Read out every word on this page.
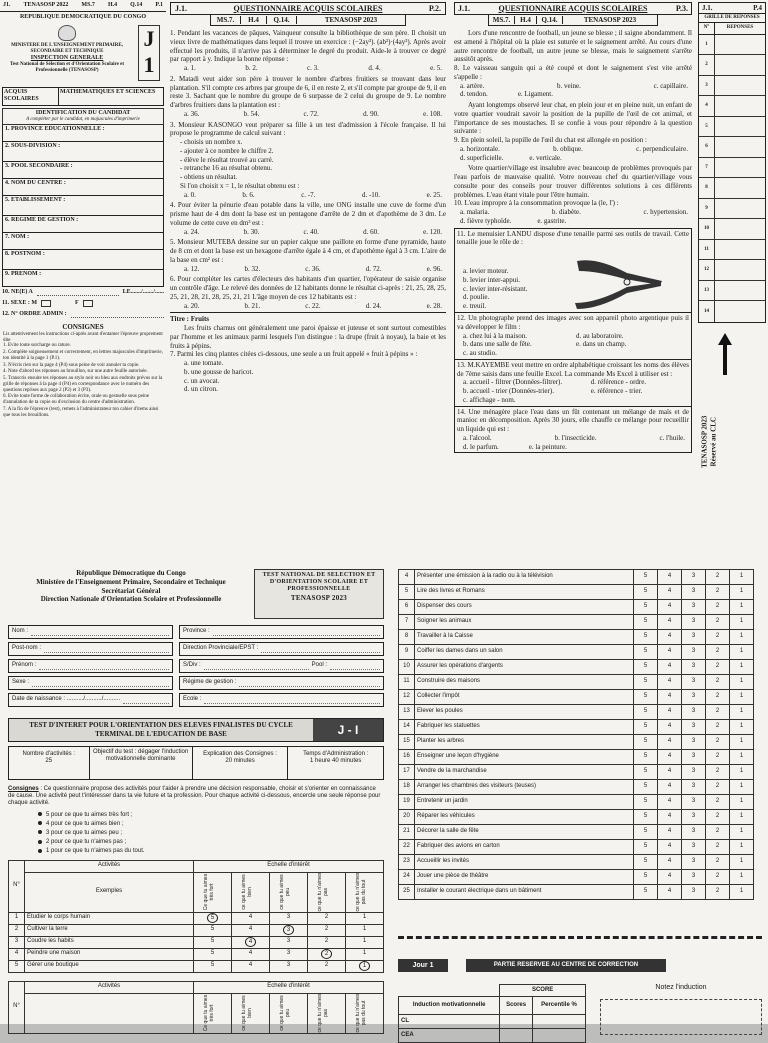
J1. TENASOSP 2022 MS.7 H.4 Q.14 P.1
REPUBLIQUE DEMOCRATIQUE DU CONGO
MINISTERE DE L'ENSEIGNEMENT PRIMAIRE, SECONDAIRE ET TECHNIQUE
INSPECTION GENERALE
Test National de Sélection et d'Orientation Scolaire et Professionnelle (TENASOSP)
J
1
ACQUIS SCOLAIRES
MATHEMATIQUES ET SCIENCES
IDENTIFICATION DU CANDIDAT
A compléter par le candidat, en majuscules d'imprimerie
1. PROVINCE EDUCATIONNELLE :
2. SOUS-DIVISION :
3. POOL SECONDAIRE :
4. NOM DU CENTRE :
5. ETABLISSEMENT :
6. REGIME DE GESTION :
7. NOM :
8. POSTNOM :
9. PRENOM :
10. NE(E) A	LE......./......./......
11. SEXE : M	F
12. N° ORDRE ADMIN :
CONSIGNES
Lis attentivement les instructions ci-après avant d'entamer l'épreuve proprement dite
1. Evite toute surcharge ou rature.
2. Complète soigneusement et correctement, en lettres majuscules d'imprimerie, ton identité à la page 1 (P.1).
3. N'écris rien sur la page 4 (P4) sous peine de voir annuler ta copie.
4. Note d'abord tes réponses au brouillon, sur une autre feuille autorisée.
5. Transcris ensuite tes réponses au stylo noir ou bleu aux endroits prévus sur la grille de réponses à la page 4 (P4) en correspondance avec le numéro des questions reprises aux page 2 (P2) et 3 (P3).
6. Evite toute forme de collaboration écrite, orale ou gestuelle sous peine d'annulation de ta copie ou d'exclusion du centre d'administration.
7. A la fin de l'épreuve (test), remets à l'administrateur ton cahier d'items ainsi que tous les brouillons.
J.1.	QUESTIONNAIRE ACQUIS SCOLAIRES	P.2.
MS.7.	H.4	Q.14.	TENASOSP 2023
1. Pendant les vacances de pâques, Vainqueur consulte la bibliothèque de son père. Il choisit un vieux livre de mathématiques dans lequel il trouve un exercice : (−2ay³). (ab²)·(4ay³). Après avoir effectué les produits, il n'arrive pas à déterminer le degré du produit. Aide-le à trouver ce degré par rapport à y. Indique la bonne réponse :
a. 1.	b. 2.	c. 3.	d. 4.	e. 5.
2. Matadi veut aider son père à trouver le nombre d'arbres fruitiers se trouvant dans leur plantation. S'il compte ces arbres par groupe de 6, il en reste 2, et s'il compte par groupe de 9, il en reste 3. Sachant que le nombre du groupe de 6 surpasse de 2 celui du groupe de 9. Le nombre d'arbres fruitiers dans la plantation est :
a. 36.	b. 54.	c. 72.	d. 90.	e. 108.
3. Monsieur KASONGO veut préparer sa fille à un test d'admission à l'école française. Il lui propose le programme de calcul suivant :
- choisis un nombre x.
- ajouter à ce nombre le chiffre 2.
- élève le résultat trouvé au carré.
- retranche 16 au résultat obtenu.
- obtiens un résultat.
Si l'on choisit x = 1, le résultat obtenu est :
a. 0.	b. 6.	c. -7.	d. -10.	e. 25.
4. Pour éviter la pénurie d'eau potable dans la ville, une ONG installe une cuve de forme d'un prisme haut de 4 dm dont la base est un pentagone d'arrête de 2 dm et d'apothème de 3 dm. Le volume de cette cuve en dm³ est :
a. 24.	b. 30.	c. 40.	d. 60.	e. 120.
5. Monsieur MUTEBA dessine sur un papier calque une paillote en forme d'une pyramide, haute de 8 cm et dont la base est un hexagone d'arrête égale à 4 cm, et d'apothème égal à 3 cm. L'aire de la base en cm² est :
a. 12.	b. 32.	c. 36.	d. 72.	e. 96.
6. Pour compléter les cartes d'électeurs des habitants d'un quartier, l'opérateur de saisie organise un contrôle d'âge. Le relevé des données de 12 habitants donne le résultat ci-après : 21, 25, 28, 25, 25, 21, 28, 21, 28, 25, 21, 21 L'âge moyen de ces 12 habitants est :
a. 20.	b. 21.	c. 22.	d. 24.	e. 28.
Titre : Fruits
Les fruits charnus ont généralement une paroi épaisse et juteuse et sont surtout comestibles par l'homme et les animaux parmi lesquels l'on distingue : la drupe (fruit à noyau), la baie et les fruits à pépins.
7. Parmi les cinq plantes citées ci-dessous, une seule a un fruit appelé « fruit à pépins » :
a. une tomate.
b. une gousse de haricot.
c. un avocat.
d. un citron.
J.1.	QUESTIONNAIRE ACQUIS SCOLAIRES	P.3.
MS.7.	H.4	Q.14.	TENASOSP 2023
Lors d'une rencontre de football, un jeune se blesse ; il saigne abondamment. Il est amené à l'hôpital où la plaie est suturée et le saignement arrêté. Au cours d'une autre rencontre de football, un autre jeune se blesse, mais le saignement s'arrête aussitôt après.
8. Le vaisseau sanguin qui a été coupé et dont le saignement s'est vite arrêté s'appelle :
a. artère.	b. veine.	c. capillaire.
d. tendon.	e. Ligament.
Ayant longtemps observé leur chat, en plein jour et en pleine nuit, un enfant de votre quartier voudrait savoir la position de la pupille de l'œil de cet animal, et l'importance de ses moustaches. Il se confie à vous pour répondre à la question suivante :
9. En plein soleil, la pupille de l'œil du chat est allongée en position :
a. horizontale.	b. oblique.	c. perpendiculaire.
d. superficielle.	e. verticale.
Votre quartier/village est insalubre avec beaucoup de problèmes provoqués par l'eau parfois de mauvaise qualité. Votre nouveau chef du quartier/village vous consulte pour des conseils pour trouver différentes solutions à ces différents problèmes. L'eau étant vitale pour l'être humain.
10. L'eau impropre à la consommation provoque la (le, l') :
a. malaria.	b. diabète.	c. hypertension.
d. fièvre typhoïde.	e. gastrite.
11. Le menuisier LANDU dispose d'une tenaille parmi ses outils de travail. Cette tenaille joue le rôle de :
a. levier moteur.
b. levier inter-appui.
c. levier inter-résistant.
d. poulie.
e. treuil.
12. Un photographe prend des images avec son appareil photo argentique puis il va développer le film :
a. chez lui à la maison.	d. au laboratoire.
b. dans une salle de fête.	e. dans un champ.
c. au studio.
13. M.KAYEMBE veut mettre en ordre alphabétique croissant les noms des élèves de 7ème saisis dans une feuille Excel. La commande Ms Excel à utiliser est :
a. accueil - filtrer (Données-filtrer).	d. référence - ordre.
b. accueil - trier (Données-trier).	e. référence - trier.
c. affichage - nom.
14. Une ménagère place l'eau dans un fût contenant un mélange de maïs et de manioc en décomposition. Après 30 jours, elle chauffe ce mélange pour recueillir un liquide qui est :
a. l'alcool.	b. l'insecticide.	c. l'huile.
d. le parfum.	e. la peinture.
J.1.	P.4
GRILLE DE REPONSES
N°	REPONSES
1
2
3
4
5
6
7
8
9
10
11
12
13
14
TENASOSP 2023 Réservé au CLC
République Démocratique du Congo
Ministère de l'Enseignement Primaire, Secondaire et Technique
Secrétariat Général
Direction Nationale d'Orientation Scolaire et Professionnelle
TEST NATIONAL DE SELECTION ET D'ORIENTATION SCOLAIRE ET PROFESSIONNELLE
TENASOSP 2023
Nom :
Post-nom :
Prénom :
Sexe :
Date de naissance : ........../........../..........
Province :
Direction Provinciale/EPST :
S/Div :	Pool :
Régime de gestion :
Ecole :
TEST D'INTERET POUR L'ORIENTATION DES ELEVES FINALISTES DU CYCLE TERMINAL DE L'EDUCATION DE BASE	J - I
Nombre d'activités :
25
Objectif du test : dégager l'induction motivationnelle dominante
Explication des Consignes :
20 minutes
Temps d'Administration :
1 heure 40 minutes
Consignes : Ce questionnaire propose des activités pour t'aider à prendre une décision responsable, choisir et s'orienter en connaissance de cause. Une activité peut t'intéresser dans ta vie future et ta profession. Pour chaque activité ci-dessous, encercle une seule réponse pour chaque activité.
5 pour ce que tu aimes très fort ;
4 pour ce que tu aimes bien ;
3 pour ce que tu aimes peu ;
2 pour ce que tu n'aimes pas ;
1 pour ce que tu n'aimes pas du tout.
N°	Activités	Echelle d'intérêt				
	Exemples	Ce que tu aimes très fort	ce que tu aimes bien	ce que tu aimes peu	ce que tu n'aimes pas	ce que tu n'aimes pas du tout

1	Etudier le corps humain	5	4	3	2	1
2	Cultiver la terre	5	4	3	2	1
3	Coudre les habits	5	4	3	2	1
4	Peindre une maison	5	4	3	2	1
5	Gérer une boutique	5	4	3	2	1
N°	Activités	Echelle d'intérêt				

		Ce que tu aimes très fort	ce que tu aimes bien	ce que tu aimes peu	ce que tu n'aimes pas	ce que tu n'aimes pas du tout
4	Présenter une émission à la radio ou à la télévision	5	4	3	2	1
5	Lire des livres et Romans	5	4	3	2	1
6	Dispenser des cours	5	4	3	2	1
7	Soigner les animaux	5	4	3	2	1
8	Travailler à la Caisse	5	4	3	2	1
9	Coiffer les dames dans un salon	5	4	3	2	1
10	Assurer les opérations d'argents	5	4	3	2	1
11	Construire des maisons	5	4	3	2	1
12	Collecter l'impôt	5	4	3	2	1
13	Elever les poules	5	4	3	2	1
14	Fabriquer les statuettes	5	4	3	2	1
15	Planter les arbres	5	4	3	2	1
16	Enseigner une leçon d'hygiène	5	4	3	2	1
17	Vendre de la marchandise	5	4	3	2	1
18	Arranger les chambres des visiteurs (teuses)	5	4	3	2	1
19	Entretenir un jardin	5	4	3	2	1
20	Réparer les véhicules	5	4	3	2	1
21	Décorer la salle de fête	5	4	3	2	1
22	Fabriquer des avions en carton	5	4	3	2	1
23	Accueillir les invités	5	4	3	2	1
24	Jouer une pièce de théâtre	5	4	3	2	1
25	Installer le courant électrique dans un bâtiment	5	4	3	2	1
Jour 1	PARTIE RESERVEE AU CENTRE DE CORRECTION
	SCORE	
Induction motivationnelle	Scores	Percentile %
CL		
CEA		
Notez l'induction
